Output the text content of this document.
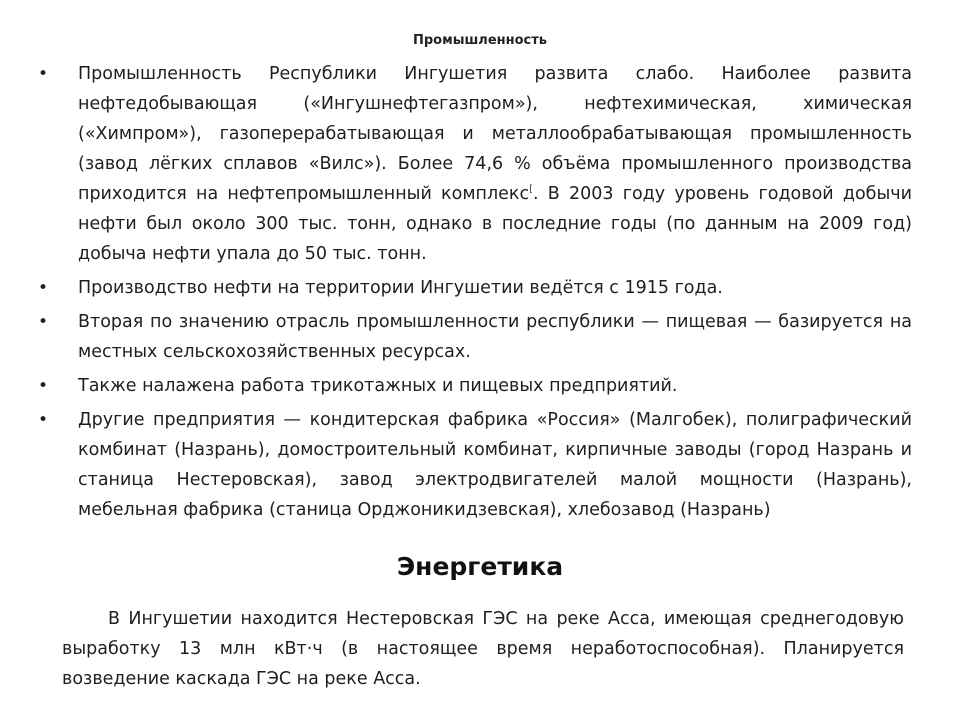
Промышленность
• Промышленность Республики Ингушетия развита слабо. Наиболее развита нефтедобывающая («Ингушнефтегазпром»), нефтехимическая, химическая («Химпром»), газоперерабатывающая и металлообрабатывающая промышленность (завод лёгких сплавов «Вилс»). Более 74,6 % объёма промышленного производства приходится на нефтепромышленный комплекс[. В 2003 году уровень годовой добычи нефти был около 300 тыс. тонн, однако в последние годы (по данным на 2009 год) добыча нефти упала до 50 тыс. тонн.
• Производство нефти на территории Ингушетии ведётся с 1915 года.
• Вторая по значению отрасль промышленности республики — пищевая — базируется на местных сельскохозяйственных ресурсах.
• Также налажена работа трикотажных и пищевых предприятий.
• Другие предприятия — кондитерская фабрика «Россия» (Малгобек), полиграфический комбинат (Назрань), домостроительный комбинат, кирпичные заводы (город Назрань и станица Нестеровская), завод электродвигателей малой мощности (Назрань), мебельная фабрика (станица Орджоникидзевская), хлебозавод (Назрань)
Энергетика

В Ингушетии находится Нестеровская ГЭС на реке Асса, имеющая среднегодовую выработку 13 млн кВт·ч (в настоящее время неработоспособная). Планируется возведение каскада ГЭС на реке Асса.
